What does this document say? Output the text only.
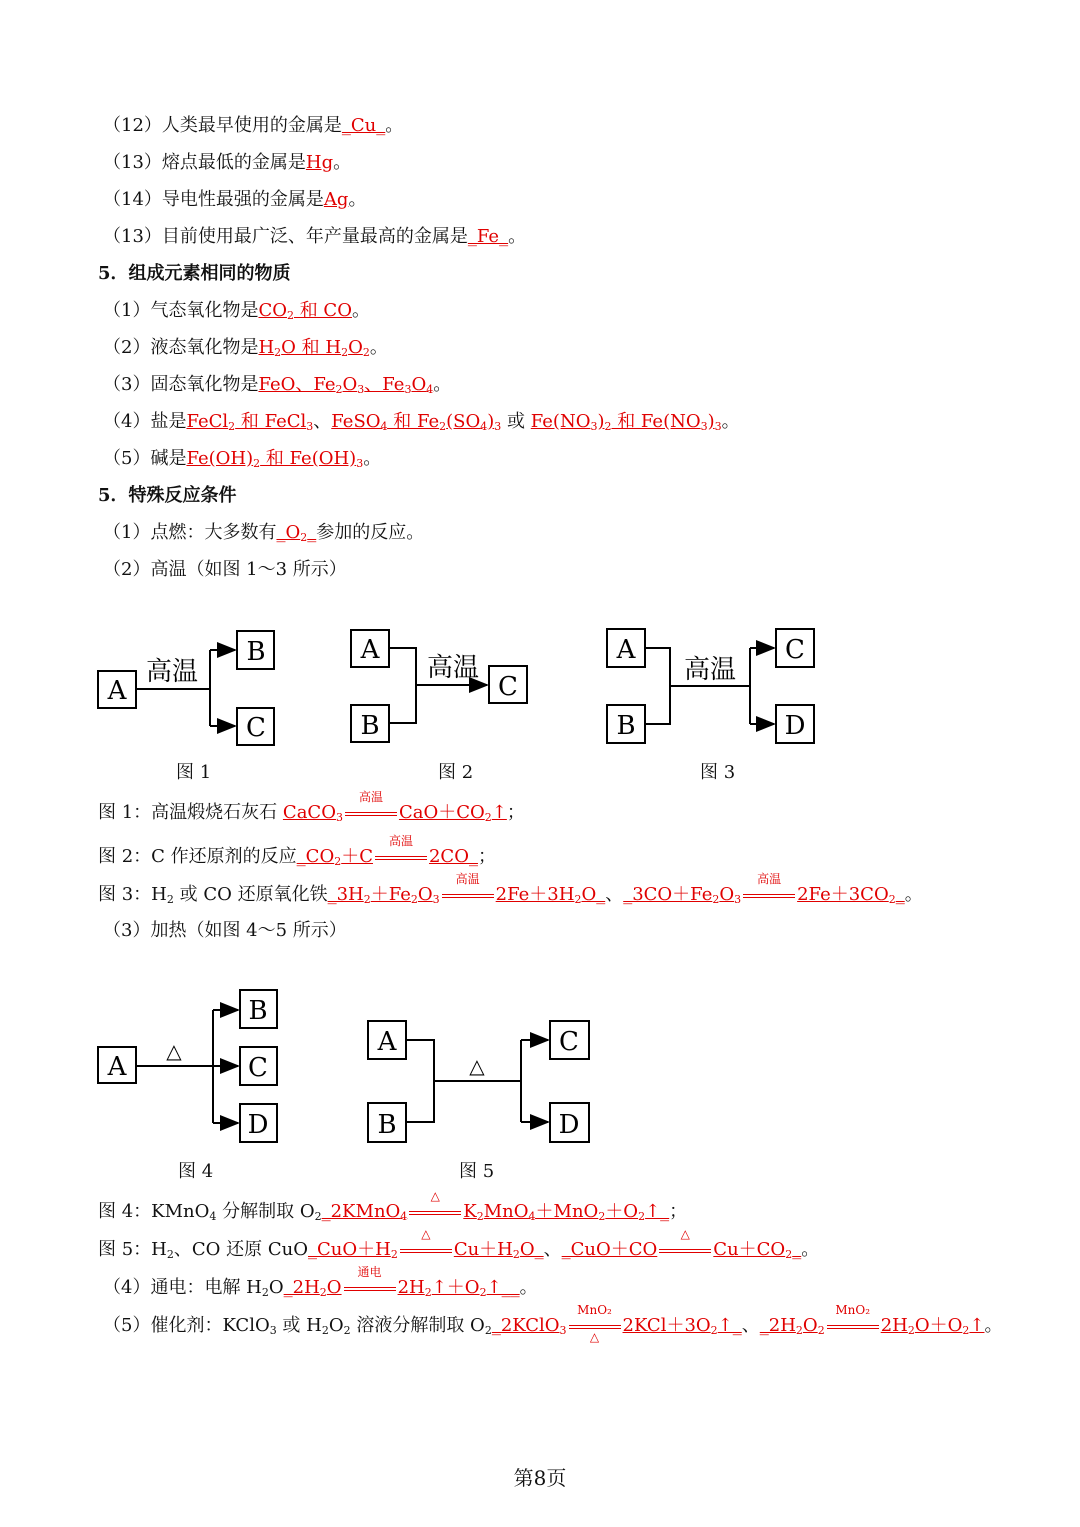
（12）人类最早使用的金属是_Cu_。
（13）熔点最低的金属是Hg。
（14）导电性最强的金属是Ag。
（13）目前使用最广泛、年产量最高的金属是_Fe_。
5．组成元素相同的物质
（1）气态氧化物是$CO_2$ 和 CO。
（2）液态氧化物是$H_2O$ 和 $H_2O_2$。
（3）固态氧化物是FeO、$Fe_2O_3$、$Fe_3O_4$。
（4）盐是FeCl$_2$ 和 FeCl$_3$、FeSO$_4$ 和 $Fe_2(SO_4)_3$ 或 $Fe(NO_3)_2$ 和 $Fe(NO_3)_3$。
（5）碱是$Fe(OH)_2$ 和 $Fe(OH)_3$。
5．特殊反应条件
（1）点燃：大多数有$\_O_2\_$参加的反应。
（2）高温（如图 1～3 所示）
A
B
C
A
B
C
A
B
C
D
高温	高温	高温
图 1	图 2	图 3
图 1：高温煅烧石灰石 CaCO$_3$
高温
$CaO+CO_2↑$；
图 2：C 作还原剂的反应$\_CO_2+C$
高温
2CO_；
图 3：$H_2$ 或 CO 还原氧化铁$\_3H_2+Fe_2O_3$
高温
$2Fe+3H_2O\_$、$\_3CO+Fe_2O_3$
高温
$2Fe+3CO_2\_$。
（3）加热（如图 4～5 所示）
A
B
C
D
A
B
C
D
△
△
图 4	图 5
图 4：KMnO$_4$ 分解制取 $O_2\_2KMnO_4$
△
$K_2MnO_4+MnO_2+O_2↑\_$；
图 5：$H_2$、CO 还原 $CuO\_CuO+H_2$
△
$Cu+H_2O\_$、_CuO＋CO
△
$Cu+CO_2\_$。
（4）通电：电解 $H_2O\_2H_2O$
通电
$2H_2↑+O_2↑\_\_$。
（5）催化剂：KClO$_3$ 或 $H_2O_2$ 溶液分解制取 $O_2\_2KClO_3$
MnO₂
△
$2KCl+3O_2↑\_$、$\_2H_2O_2$
MnO₂
$2H_2O+O_2↑$。
第8页
